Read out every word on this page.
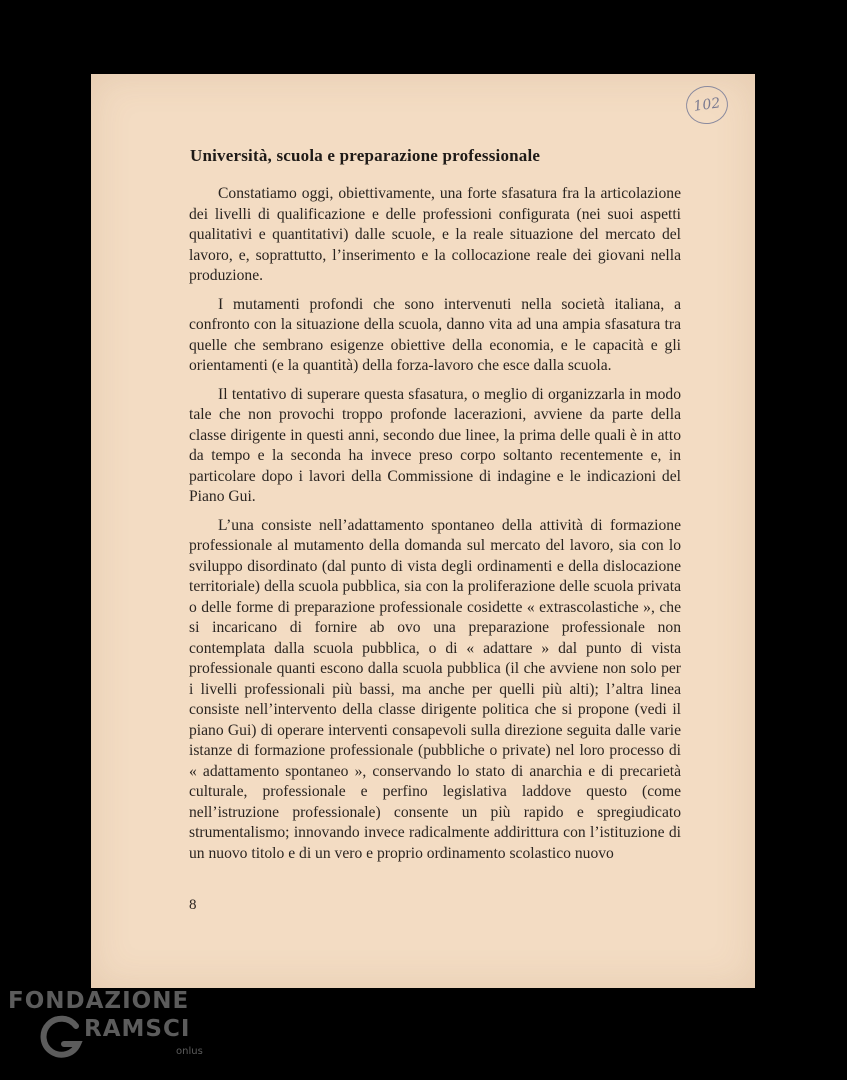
102
Università, scuola e preparazione professionale

Constatiamo oggi, obiettivamente, una forte sfasatura fra la articolazione dei livelli di qualificazione e delle professioni configurata (nei suoi aspetti qualitativi e quantitativi) dalle scuole, e la reale situazione del mercato del lavoro, e, soprattutto, l’inserimento e la collocazione reale dei giovani nella produzione.

I mutamenti profondi che sono intervenuti nella società italiana, a confronto con la situazione della scuola, danno vita ad una ampia sfasatura tra quelle che sembrano esigenze obiettive della economia, e le capacità e gli orientamenti (e la quantità) della forza-lavoro che esce dalla scuola.

Il tentativo di superare questa sfasatura, o meglio di organizzarla in modo tale che non provochi troppo profonde lacerazioni, avviene da parte della classe dirigente in questi anni, secondo due linee, la prima delle quali è in atto da tempo e la seconda ha invece preso corpo soltanto recentemente e, in particolare dopo i lavori della Commissione di indagine e le indicazioni del Piano Gui.

L’una consiste nell’adattamento spontaneo della attività di formazione professionale al mutamento della domanda sul mercato del lavoro, sia con lo sviluppo disordinato (dal punto di vista degli ordinamenti e della dislocazione territoriale) della scuola pubblica, sia con la proliferazione delle scuola privata o delle forme di preparazione professionale cosidette « extrascolastiche », che si incaricano di fornire ab ovo una preparazione professionale non contemplata dalla scuola pubblica, o di « adattare » dal punto di vista professionale quanti escono dalla scuola pubblica (il che avviene non solo per i livelli professionali più bassi, ma anche per quelli più alti); l’altra linea consiste nell’intervento della classe dirigente politica che si propone (vedi il piano Gui) di operare interventi consapevoli sulla direzione seguita dalle varie istanze di formazione professionale (pubbliche o private) nel loro processo di « adattamento spontaneo », conservando lo stato di anarchia e di precarietà culturale, professionale e perfino legislativa laddove questo (come nell’istruzione professionale) consente un più rapido e spregiudicato strumentalismo; innovando invece radicalmente addirittura con l’istituzione di un nuovo titolo e di un vero e proprio ordinamento scolastico nuovo

8
FONDAZIONE
RAMSCI
onlus
